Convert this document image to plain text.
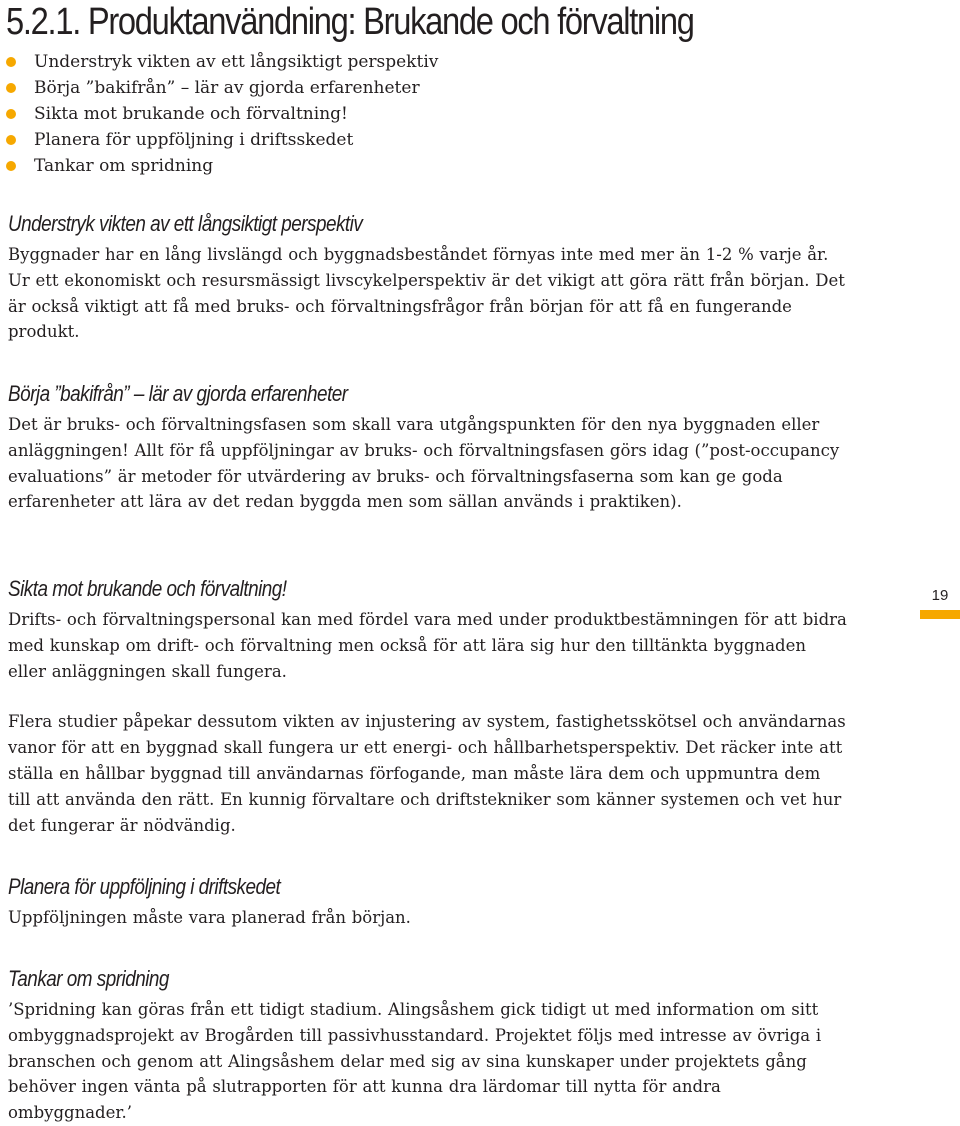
5.2.1. Produktanvändning: Brukande och förvaltning
Understryk vikten av ett långsiktigt perspektiv
Börja ”bakifrån” – lär av gjorda erfarenheter
Sikta mot brukande och förvaltning!
Planera för uppföljning i driftsskedet
Tankar om spridning
Understryk vikten av ett långsiktigt perspektiv

Byggnader har en lång livslängd och byggnadsbeståndet förnyas inte med mer än 1-2 % varje år. Ur ett ekonomiskt och resursmässigt livscykelperspektiv är det vikigt att göra rätt från början. Det är också viktigt att få med bruks- och förvaltningsfrågor från början för att få en fungerande produkt.

Börja ”bakifrån” – lär av gjorda erfarenheter

Det är bruks- och förvaltningsfasen som skall vara utgångspunkten för den nya byggnaden eller anläggningen! Allt för få uppföljningar av bruks- och förvaltningsfasen görs idag (”post-occupancy evaluations” är metoder för utvärdering av bruks- och förvaltningsfaserna som kan ge goda erfarenheter att lära av det redan byggda men som sällan används i praktiken).

Sikta mot brukande och förvaltning!

Drifts- och förvaltningspersonal kan med fördel vara med under produktbestämningen för att bidra med kunskap om drift- och förvaltning men också för att lära sig hur den tilltänkta byggnaden eller anläggningen skall fungera.

Flera studier påpekar dessutom vikten av injustering av system, fastighetsskötsel och användarnas vanor för att en byggnad skall fungera ur ett energi- och hållbarhetsperspektiv. Det räcker inte att ställa en hållbar byggnad till användarnas förfogande, man måste lära dem och uppmuntra dem till att använda den rätt. En kunnig förvaltare och driftstekniker som känner systemen och vet hur det fungerar är nödvändig.

Planera för uppföljning i driftskedet

Uppföljningen måste vara planerad från början.

Tankar om spridning

’Spridning kan göras från ett tidigt stadium. Alingsåshem gick tidigt ut med information om sitt ombyggnadsprojekt av Brogården till passivhusstandard. Projektet följs med intresse av övriga i branschen och genom att Alingsåshem delar med sig av sina kunskaper under projektets gång behöver ingen vänta på slutrapporten för att kunna dra lärdomar till nytta för andra ombyggnader.’

19
